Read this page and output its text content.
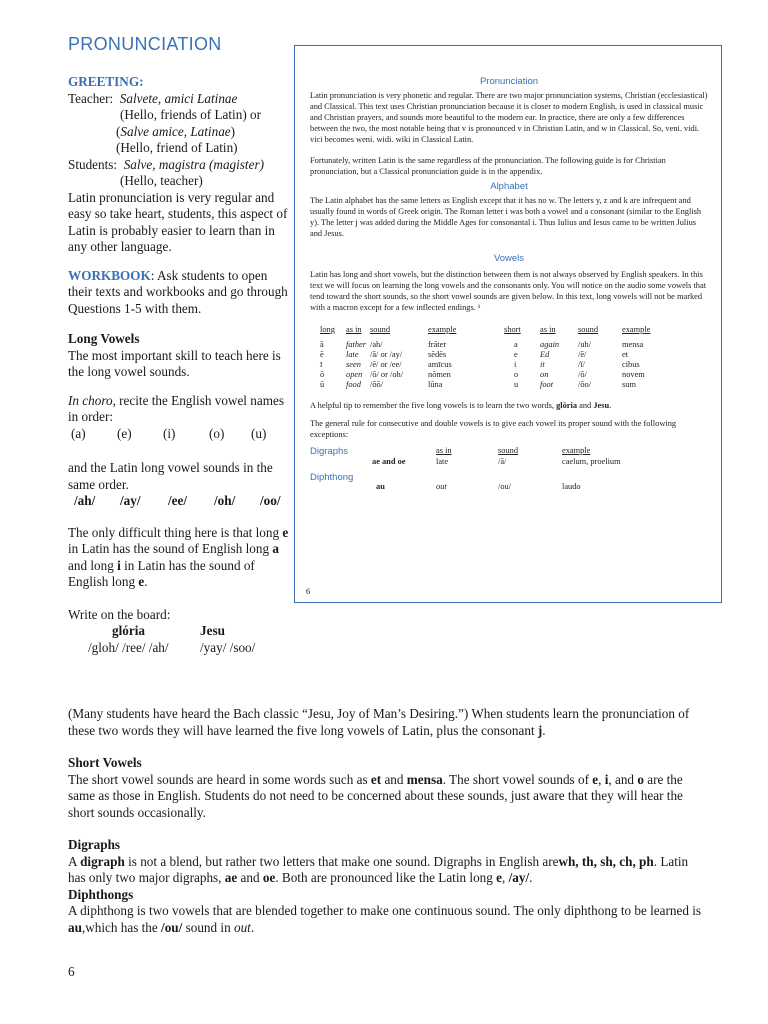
PRONUNCIATION
GREETING:
Teacher: Salvete, amici Latinae
(Hello, friends of Latin) or
(Salve amice, Latinae)
(Hello, friend of Latin)
Students: Salve, magistra (magister)
(Hello, teacher)
Latin pronunciation is very regular and easy so take heart, students, this aspect of Latin is probably easier to learn than in any other language.
WORKBOOK: Ask students to open their texts and workbooks and go through Questions 1-5 with them.
Long Vowels
The most important skill to teach here is the long vowel sounds.
In choro, recite the English vowel names in order:
(a) (e) (i)	(o) (u)
and the Latin long vowel sounds in the same order.
/ah/ /ay/ /ee/ /oh/ /oo/
The only difficult thing here is that long e in Latin has the sound of English long a and long i in Latin has the sound of English long e.
Write on the board:
glória	Jesu
/gloh/ /ree/ /ah/ /yay/ /soo/
(Many students have heard the Bach classic “Jesu, Joy of Man’s Desiring.”) When students learn the pronunciation of these two words they will have learned the five long vowels of Latin, plus the consonant j.
Short Vowels
The short vowel sounds are heard in some words such as et and mensa. The short vowel sounds of e, i, and o are the same as those in English. Students do not need to be concerned about these sounds, just aware that they will hear the short sounds occasionally.
Digraphs
A digraph is not a blend, but rather two letters that make one sound. Digraphs in English arewh, th, sh, ch, ph. Latin has only two major digraphs, ae and oe. Both are pronounced like the Latin long e, /ay/.
Diphthongs
A diphthong is two vowels that are blended together to make one continuous sound. The only diphthong to be learned is au,which has the /ou/ sound in out.
6
Pronunciation
Latin pronunciation is very phonetic and regular. There are two major pronunciation systems, Christian (ecclesiastical) and Classical. This text uses Christian pronunciation because it is closer to modern English, is used in classical music and Christian prayers, and sounds more beautiful to the modern ear. In practice, there are only a few differences between the two, the most notable being that v is pronounced v in Christian Latin, and w in Classical. So, veni. vidi. vici becomes weni. widi. wiki in Classical Latin.
Fortunately, written Latin is the same regardless of the pronunciation. The following guide is for Christian pronunciation, but a Classical pronunciation guide is in the appendix.
Alphabet
The Latin alphabet has the same letters as English except that it has no w. The letters y, z and k are infrequent and usually found in words of Greek origin. The Roman letter i was both a vowel and a consonant (similar to the English y). The letter j was added during the Middle Ages for consonantal i. Thus Iulius and Iesus came to be written Julius and Jesus.
Vowels
Latin has long and short vowels, but the distinction between them is not always observed by English speakers. In this text we will focus on learning the long vowels and the consonants only. You will notice on the audio some vowels that tend toward the short sounds, so the short vowel sounds are given below. In this text, long vowels will not be marked with a macron except for a few inflected endings. ¹
long	as in	sound	example	short	as in	sound	example
ā	father	/ah/	frāter	a	again	/uh/	mensa
ē	late	/ā/ or /ay/	sēdēs	e	Ed	/ĕ/	et
ī	seen	/ē/ or /ee/	amīcus	i	it	/ĭ/	cibus
ō	open	/ō/ or /oh/	nōmen	o	on	/ŏ/	novem
ū	food	/ōō/	lūna	u	foot	/ŏo/	sum
A helpful tip to remember the five long vowels is to learn the two words, glōria and Jesu.
The general rule for consecutive and double vowels is to give each vowel its proper sound with the following exceptions:
Digraphs		as in	sound	example
	ae and oe	late	/ā/	caelum, proelium
Diphthong	au	out	/ou/	laudo
6
